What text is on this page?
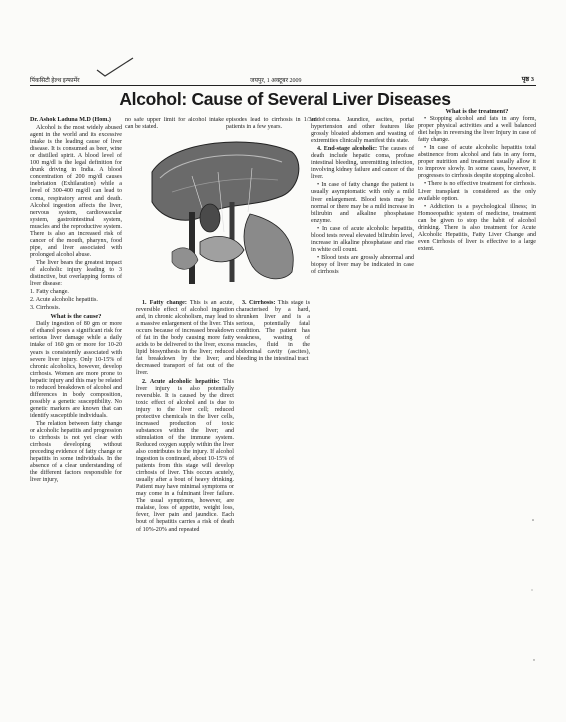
पिंकसिटी हेल्थ इन्फार्मेर	जयपुर, 1 अक्टूबर 2009	पृष्ठ 3
Alcohol: Cause of Several Liver Diseases

Dr. Ashok Laduna M.D (Hom.)

Alcohol is the most widely abused agent in the world and its excessive intake is the leading cause of liver disease. It is consumed as beer, wine or distilled spirit. A blood level of 100 mg/dl is the legal definition for drunk driving in India. A blood concentration of 200 mg/dl causes inebriation (Exhilaration) while a level of 300-400 mg/dl can lead to coma, respiratory arrest and death. Alcohol ingestion affects the liver, nervous system, cardiovascular system, gastrointestinal system, muscles and the reproductive system. There is also an increased risk of cancer of the mouth, pharynx, food pipe, and liver associated with prolonged alcohol abuse.

The liver bears the greatest impact of alcoholic injury leading to 3 distinctive, but overlapping forms of liver disease:

1. Fatty change.

2. Acute alcoholic hepatitis.

3. Cirrhosis.

What is the cause?

Daily ingestion of 80 gm or more of ethanol poses a significant risk for serious liver damage while a daily intake of 160 gm or more for 10-20 years is consistently associated with severe liver injury. Only 10-15% of chronic alcoholics, however, develop cirrhosis. Women are more prone to hepatic injury and this may be related to reduced breakdown of alcohol and differences in body composition, possibly a genetic susceptibility. No genetic markers are known that can identify susceptible individuals.

The relation between fatty change or alcoholic hepatitis and progression to cirrhosis is not yet clear with cirrhosis developing without preceding evidence of fatty change or hepatitis in some individuals. In the absence of a clear understanding of the different factors responsible for liver injury,

no safe upper limit for alcohol intake can be stated.

episodes lead to cirrhosis in 1/3rd of patients in a few years.

1. Fatty change: This is an acute, reversible effect of alcohol ingestion and, in chronic alcoholism, may lead to a massive enlargement of the liver. This occurs because of increased breakdown of fat in the body causing more fatty acids to be delivered to the liver, excess lipid biosynthesis in the liver; reduced fat breakdown by the liver; and decreased transport of fat out of the liver.

2. Acute alcoholic hepatitis: This liver injury is also potentially reversible. It is caused by the direct toxic effect of alcohol and is due to injury to the liver cell; reduced protective chemicals in the liver cells, increased production of toxic substances within the liver; and stimulation of the immune system. Reduced oxygen supply within the liver also contributes to the injury. If alcohol ingestion is continued, about 10-15% of patients from this stage will develop cirrhosis of liver. This occurs acutely, usually after a bout of heavy drinking. Patient may have minimal symptoms or may come in a fulminant liver failure. The usual symptoms, however, are malaise, loss of appetite, weight loss, fever, liver pain and jaundice. Each bout of hepatitis carries a risk of death of 10%-20% and repeated

3. Cirrhosis: This stage is characterised by a hard, shrunken liver and is a serious, potentially fatal condition. The patient has weakness, wasting of muscles, fluid in the abdominal cavity (ascites), bleeding in the intestinal tract

and coma. Jaundice, ascites, portal hypertension and other features like grossly bloated abdomen and wasting of extremities clinically manifest this state.

4. End-stage alcoholic: The causes of death include hepatic coma, profuse intestinal bleeding, unremitting infection, involving kidney failure and cancer of the liver.

• In case of fatty change the patient is usually asymptomatic with only a mild liver enlargement. Blood tests may be normal or there may be a mild increase in bilirubin and alkaline phosphatase enzyme.

• In case of acute alcoholic hepatitis, blood tests reveal elevated bilirubin level, increase in alkaline phosphatase and rise in white cell count.

• Blood tests are grossly abnormal and biopsy of liver may be indicated in case of cirrhosis

What is the treatment?

• Stopping alcohol and fats in any form, proper physical activities and a well balanced diet helps in reversing the liver Injury in case of fatty change.

• In case of acute alcoholic hepatitis total abstinence from alcohol and fats in any form, proper nutrition and treatment usually allow it to improve slowly. In some cases, however, it progresses to cirrhosis despite stopping alcohol.

• There is no effective treatment for cirrhosis. Liver transplant is considered as the only available option.

• Addiction is a psychological illness; in Homoeopathic system of medicine, treatment can be given to stop the habit of alcohol drinking. There is also treatment for Acute Alcoholic Hepatitis, Fatty Liver Change and even Cirrhosis of liver is effective to a large extent.
